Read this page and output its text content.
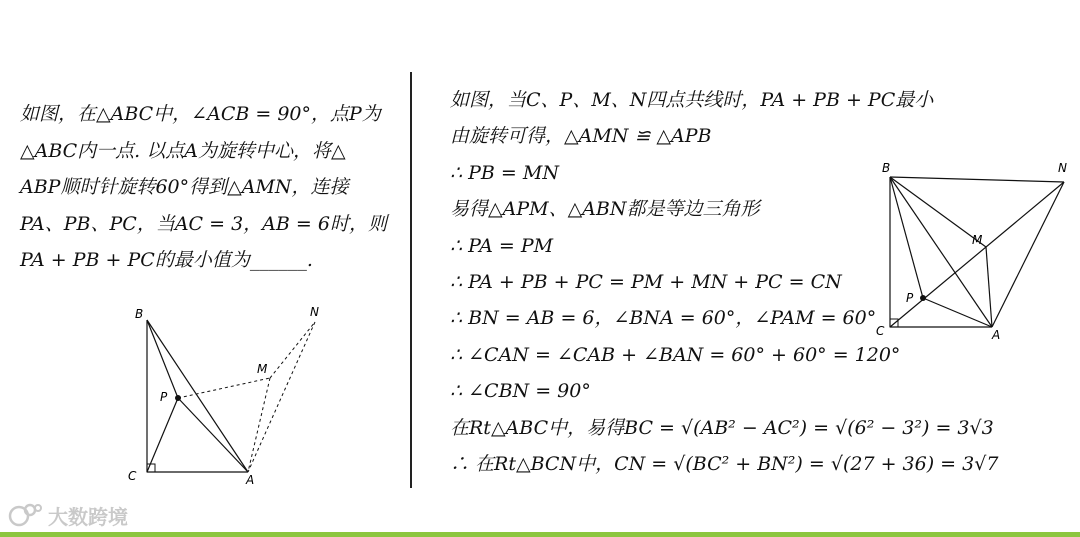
如图，在△ABC中，∠ACB = 90°，点P为
△ABC内一点. 以点A为旋转中心，将△
ABP顺时针旋转60°得到△AMN，连接
PA、PB、PC，当AC = 3，AB = 6时，则
PA + PB + PC的最小值为______.
B	N
M
P
C	A
如图，当C、P、M、N四点共线时，PA + PB + PC最小
由旋转可得，△AMN ≌ △APB
∴ PB = MN
易得△APM、△ABN都是等边三角形
∴ PA = PM
∴ PA + PB + PC = PM + MN + PC = CN
∴ BN = AB = 6，∠BNA = 60°，∠PAM = 60°
∴ ∠CAN = ∠CAB + ∠BAN = 60° + 60° = 120°
∴ ∠CBN = 90°
在Rt△ABC中，易得BC = √(AB² − AC²) = √(6² − 3²) = 3√3
∴ 在Rt△BCN中，CN = √(BC² + BN²) = √(27 + 36) = 3√7
B	N
M
P
C	A
大数跨境
